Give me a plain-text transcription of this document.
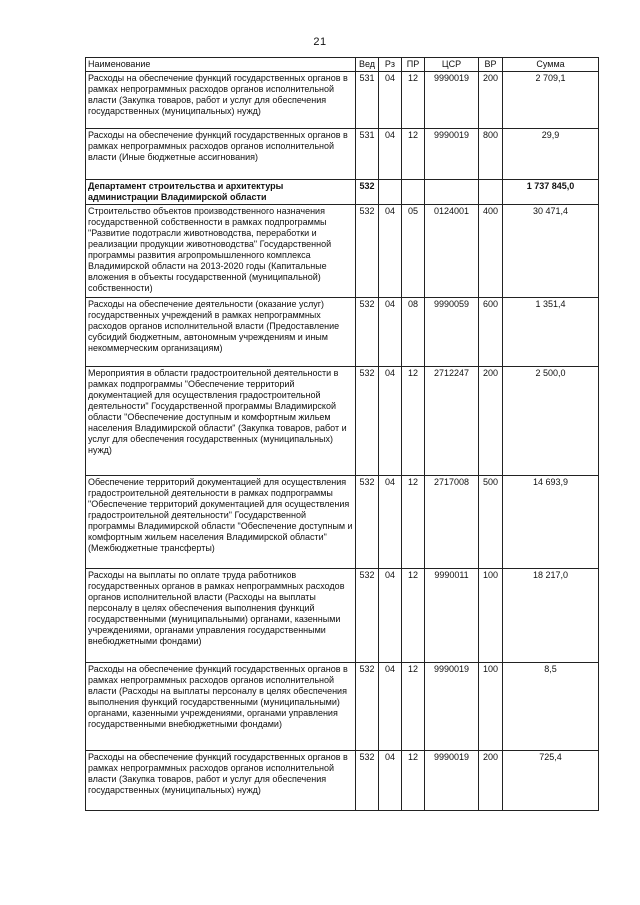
21
Наименование	Вед	Рз	ПР	ЦСР	ВР	Сумма
Расходы на обеспечение функций государственных органов в рамках непрограммных расходов органов исполнительной власти (Закупка товаров, работ и услуг для обеспечения государственных (муниципальных) нужд)	531	04	12	9990019	200	2 709,1
Расходы на обеспечение функций государственных органов в рамках непрограммных расходов органов исполнительной власти (Иные бюджетные ассигнования)	531	04	12	9990019	800	29,9
Департамент строительства и архитектуры администрации Владимирской области	532					1 737 845,0
Строительство объектов производственного назначения государственной собственности в рамках подпрограммы "Развитие подотрасли животноводства, переработки и реализации продукции животноводства" Государственной программы развития агропромышленного комплекса Владимирской области на 2013-2020 годы (Капитальные вложения в объекты государственной (муниципальной) собственности)	532	04	05	0124001	400	30 471,4
Расходы на обеспечение деятельности (оказание услуг) государственных учреждений в рамках непрограммных расходов органов исполнительной власти (Предоставление субсидий бюджетным, автономным учреждениям и иным некоммерческим организациям)	532	04	08	9990059	600	1 351,4
Мероприятия в области градостроительной деятельности в рамках подпрограммы "Обеспечение территорий документацией для осуществления градостроительной деятельности" Государственной программы Владимирской области "Обеспечение доступным и комфортным жильем населения Владимирской области" (Закупка товаров, работ и услуг для обеспечения государственных (муниципальных) нужд)	532	04	12	2712247	200	2 500,0
Обеспечение территорий документацией для осуществления градостроительной деятельности в рамках подпрограммы "Обеспечение территорий документацией для осуществления градостроительной деятельности" Государственной программы Владимирской области "Обеспечение доступным и комфортным жильем населения Владимирской области" (Межбюджетные трансферты)	532	04	12	2717008	500	14 693,9
Расходы на выплаты по оплате труда работников государственных органов в рамках непрограммных расходов органов исполнительной власти (Расходы на выплаты персоналу в целях обеспечения выполнения функций государственными (муниципальными) органами, казенными учреждениями, органами управления государственными внебюджетными фондами)	532	04	12	9990011	100	18 217,0
Расходы на обеспечение функций государственных органов в рамках непрограммных расходов органов исполнительной власти (Расходы на выплаты персоналу в целях обеспечения выполнения функций государственными (муниципальными) органами, казенными учреждениями, органами управления государственными внебюджетными фондами)	532	04	12	9990019	100	8,5
Расходы на обеспечение функций государственных органов в рамках непрограммных расходов органов исполнительной власти (Закупка товаров, работ и услуг для обеспечения государственных (муниципальных) нужд)	532	04	12	9990019	200	725,4
